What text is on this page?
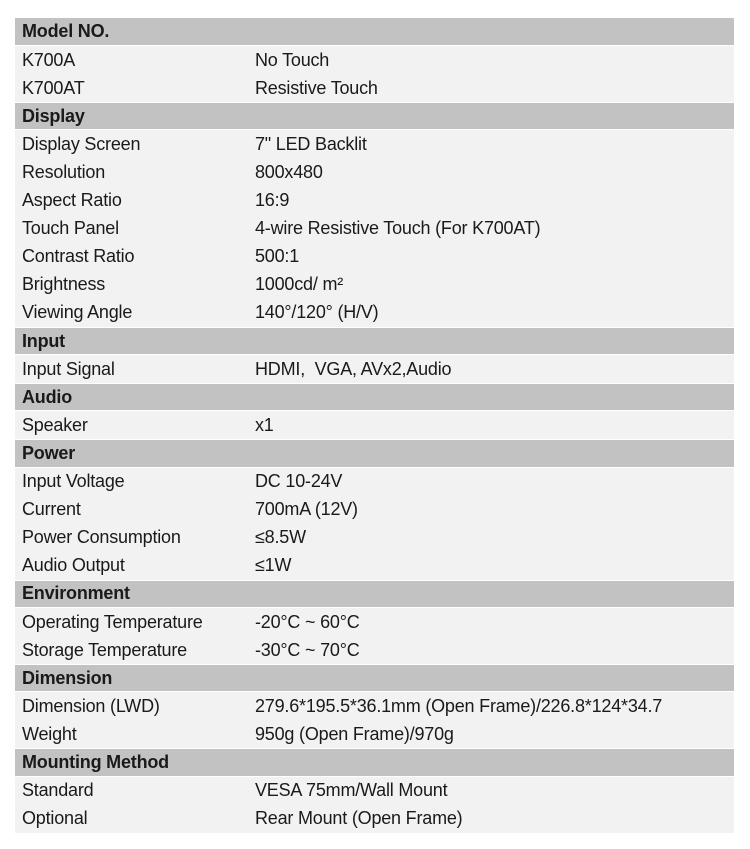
Model NO.
K700A	No Touch
K700AT	Resistive Touch
Display
Display Screen	7" LED Backlit
Resolution	800x480
Aspect Ratio	16:9
Touch Panel	4-wire Resistive Touch (For K700AT)
Contrast Ratio	500:1
Brightness	1000cd/ m²
Viewing Angle	140°/120° (H/V)
Input
Input Signal	HDMI,  VGA, AVx2,Audio
Audio
Speaker	x1
Power
Input Voltage	DC 10-24V
Current	700mA (12V)
Power Consumption	≤8.5W
Audio Output	≤1W
Environment
Operating Temperature	-20°C ~ 60°C
Storage Temperature	-30°C ~ 70°C
Dimension
Dimension (LWD)	279.6*195.5*36.1mm (Open Frame)/226.8*124*34.7
Weight	950g (Open Frame)/970g
Mounting Method
Standard	VESA 75mm/Wall Mount
Optional	Rear Mount (Open Frame)
